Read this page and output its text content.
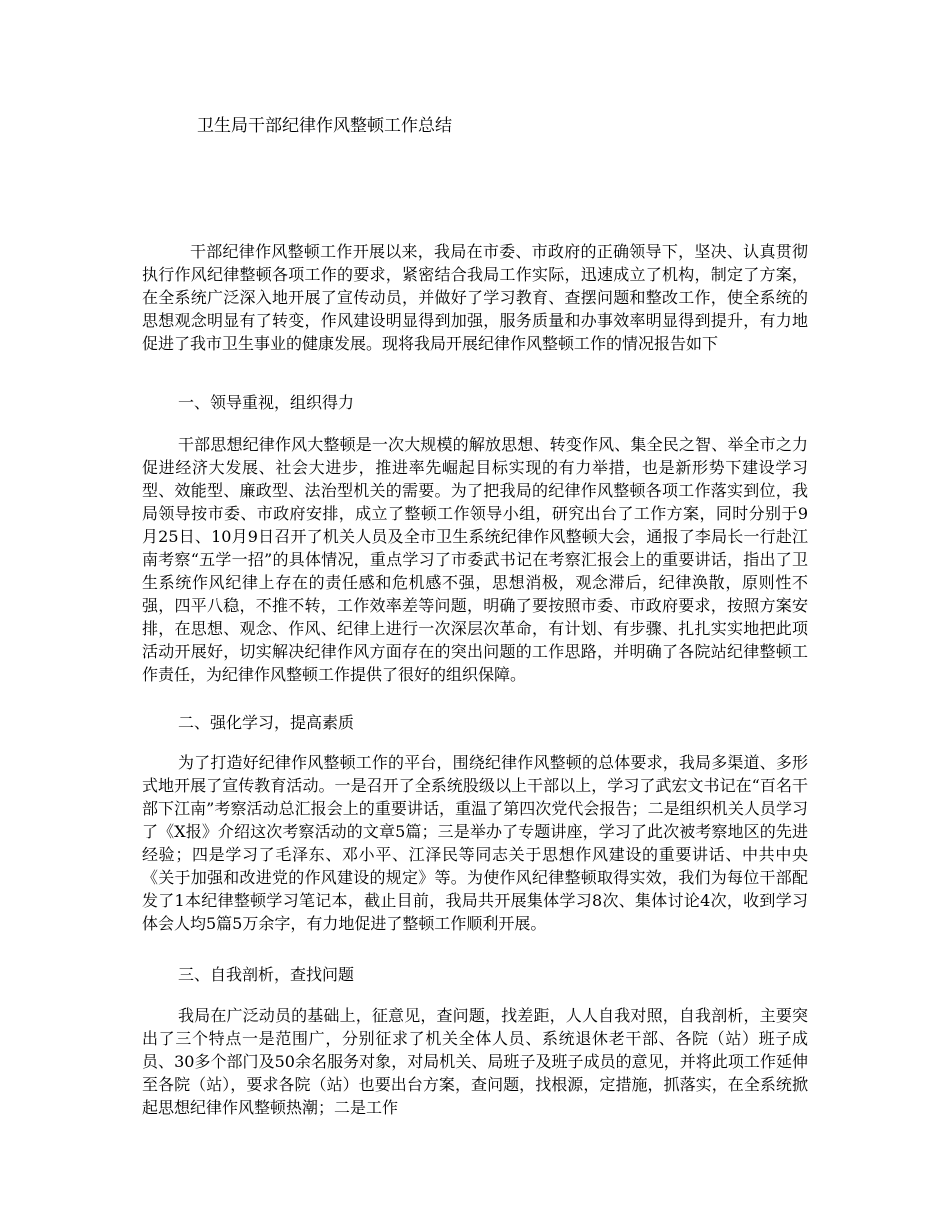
卫生局干部纪律作风整顿工作总结

干部纪律作风整顿工作开展以来，我局在市委、市政府的正确领导下，坚决、认真贯彻执行作风纪律整顿各项工作的要求，紧密结合我局工作实际，迅速成立了机构，制定了方案，在全系统广泛深入地开展了宣传动员，并做好了学习教育、查摆问题和整改工作，使全系统的思想观念明显有了转变，作风建设明显得到加强，服务质量和办事效率明显得到提升，有力地促进了我市卫生事业的健康发展。现将我局开展纪律作风整顿工作的情况报告如下

一、领导重视，组织得力

干部思想纪律作风大整顿是一次大规模的解放思想、转变作风、集全民之智、举全市之力促进经济大发展、社会大进步，推进率先崛起目标实现的有力举措，也是新形势下建设学习型、效能型、廉政型、法治型机关的需要。为了把我局的纪律作风整顿各项工作落实到位，我局领导按市委、市政府安排，成立了整顿工作领导小组，研究出台了工作方案，同时分别于9月25日、10月9日召开了机关人员及全市卫生系统纪律作风整顿大会，通报了李局长一行赴江南考察“五学一招”的具体情况，重点学习了市委武书记在考察汇报会上的重要讲话，指出了卫生系统作风纪律上存在的责任感和危机感不强，思想消极，观念滞后，纪律涣散，原则性不强，四平八稳，不推不转，工作效率差等问题，明确了要按照市委、市政府要求，按照方案安排，在思想、观念、作风、纪律上进行一次深层次革命，有计划、有步骤、扎扎实实地把此项活动开展好，切实解决纪律作风方面存在的突出问题的工作思路，并明确了各院站纪律整顿工作责任，为纪律作风整顿工作提供了很好的组织保障。

二、强化学习，提高素质

为了打造好纪律作风整顿工作的平台，围绕纪律作风整顿的总体要求，我局多渠道、多形式地开展了宣传教育活动。一是召开了全系统股级以上干部以上，学习了武宏文书记在“百名干部下江南”考察活动总汇报会上的重要讲话，重温了第四次党代会报告；二是组织机关人员学习了《X报》介绍这次考察活动的文章5篇；三是举办了专题讲座，学习了此次被考察地区的先进经验；四是学习了毛泽东、邓小平、江泽民等同志关于思想作风建设的重要讲话、中共中央《关于加强和改进党的作风建设的规定》等。为使作风纪律整顿取得实效，我们为每位干部配发了1本纪律整顿学习笔记本，截止目前，我局共开展集体学习8次、集体讨论4次，收到学习体会人均5篇5万余字，有力地促进了整顿工作顺利开展。

三、自我剖析，查找问题

我局在广泛动员的基础上，征意见，查问题，找差距，人人自我对照，自我剖析，主要突出了三个特点一是范围广，分别征求了机关全体人员、系统退休老干部、各院（站）班子成员、30多个部门及50余名服务对象，对局机关、局班子及班子成员的意见，并将此项工作延伸至各院（站），要求各院（站）也要出台方案，查问题，找根源，定措施，抓落实，在全系统掀起思想纪律作风整顿热潮；二是工作
